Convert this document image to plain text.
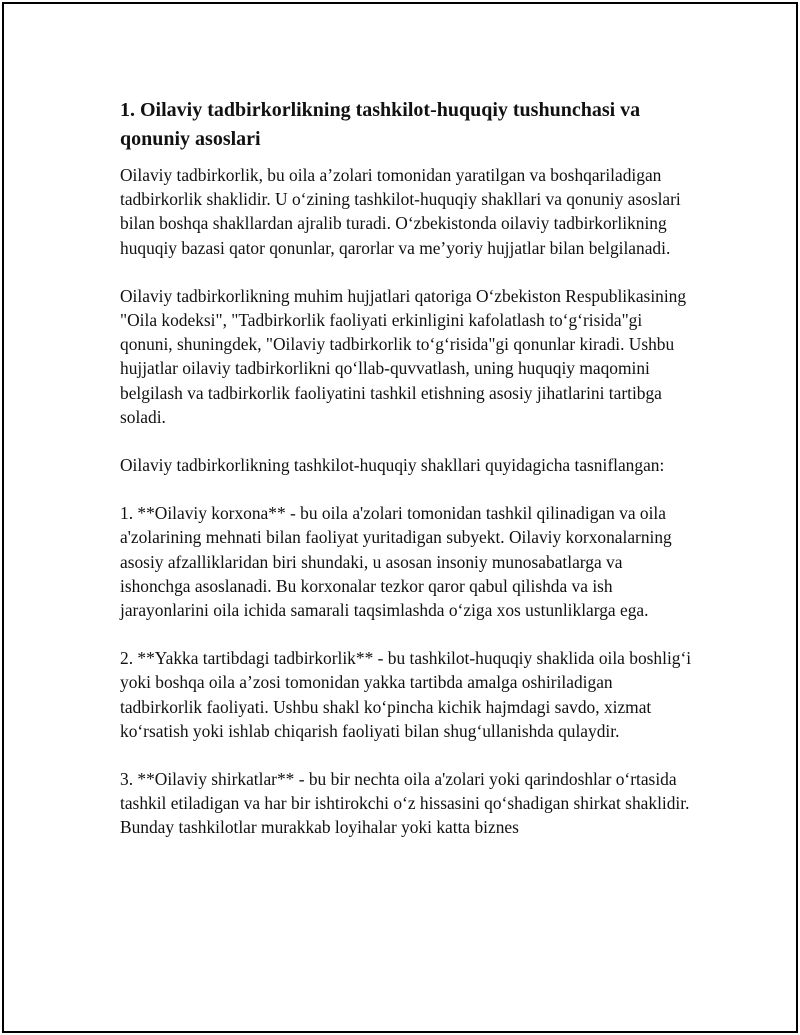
1. Oilaviy tadbirkorlikning tashkilot-huquqiy tushunchasi va qonuniy asoslari

Oilaviy tadbirkorlik, bu oila a’zolari tomonidan yaratilgan va boshqariladigan tadbirkorlik shaklidir. U o‘zining tashkilot-huquqiy shakllari va qonuniy asoslari bilan boshqa shakllardan ajralib turadi. O‘zbekistonda oilaviy tadbirkorlikning huquqiy bazasi qator qonunlar, qarorlar va me’yoriy hujjatlar bilan belgilanadi.

Oilaviy tadbirkorlikning muhim hujjatlari qatoriga O‘zbekiston Respublikasining "Oila kodeksi", "Tadbirkorlik faoliyati erkinligini kafolatlash to‘g‘risida"gi qonuni, shuningdek, "Oilaviy tadbirkorlik to‘g‘risida"gi qonunlar kiradi. Ushbu hujjatlar oilaviy tadbirkorlikni qo‘llab-quvvatlash, uning huquqiy maqomini belgilash va tadbirkorlik faoliyatini tashkil etishning asosiy jihatlarini tartibga soladi.

Oilaviy tadbirkorlikning tashkilot-huquqiy shakllari quyidagicha tasniflangan:

1. **Oilaviy korxona** - bu oila a'zolari tomonidan tashkil qilinadigan va oila a'zolarining mehnati bilan faoliyat yuritadigan subyekt. Oilaviy korxonalarning asosiy afzalliklaridan biri shundaki, u asosan insoniy munosabatlarga va ishonchga asoslanadi. Bu korxonalar tezkor qaror qabul qilishda va ish jarayonlarini oila ichida samarali taqsimlashda o‘ziga xos ustunliklarga ega.

2. **Yakka tartibdagi tadbirkorlik** - bu tashkilot-huquqiy shaklida oila boshlig‘i yoki boshqa oila a’zosi tomonidan yakka tartibda amalga oshiriladigan tadbirkorlik faoliyati. Ushbu shakl ko‘pincha kichik hajmdagi savdo, xizmat ko‘rsatish yoki ishlab chiqarish faoliyati bilan shug‘ullanishda qulaydir.

3. **Oilaviy shirkatlar** - bu bir nechta oila a'zolari yoki qarindoshlar o‘rtasida tashkil etiladigan va har bir ishtirokchi o‘z hissasini qo‘shadigan shirkat shaklidir. Bunday tashkilotlar murakkab loyihalar yoki katta biznes
